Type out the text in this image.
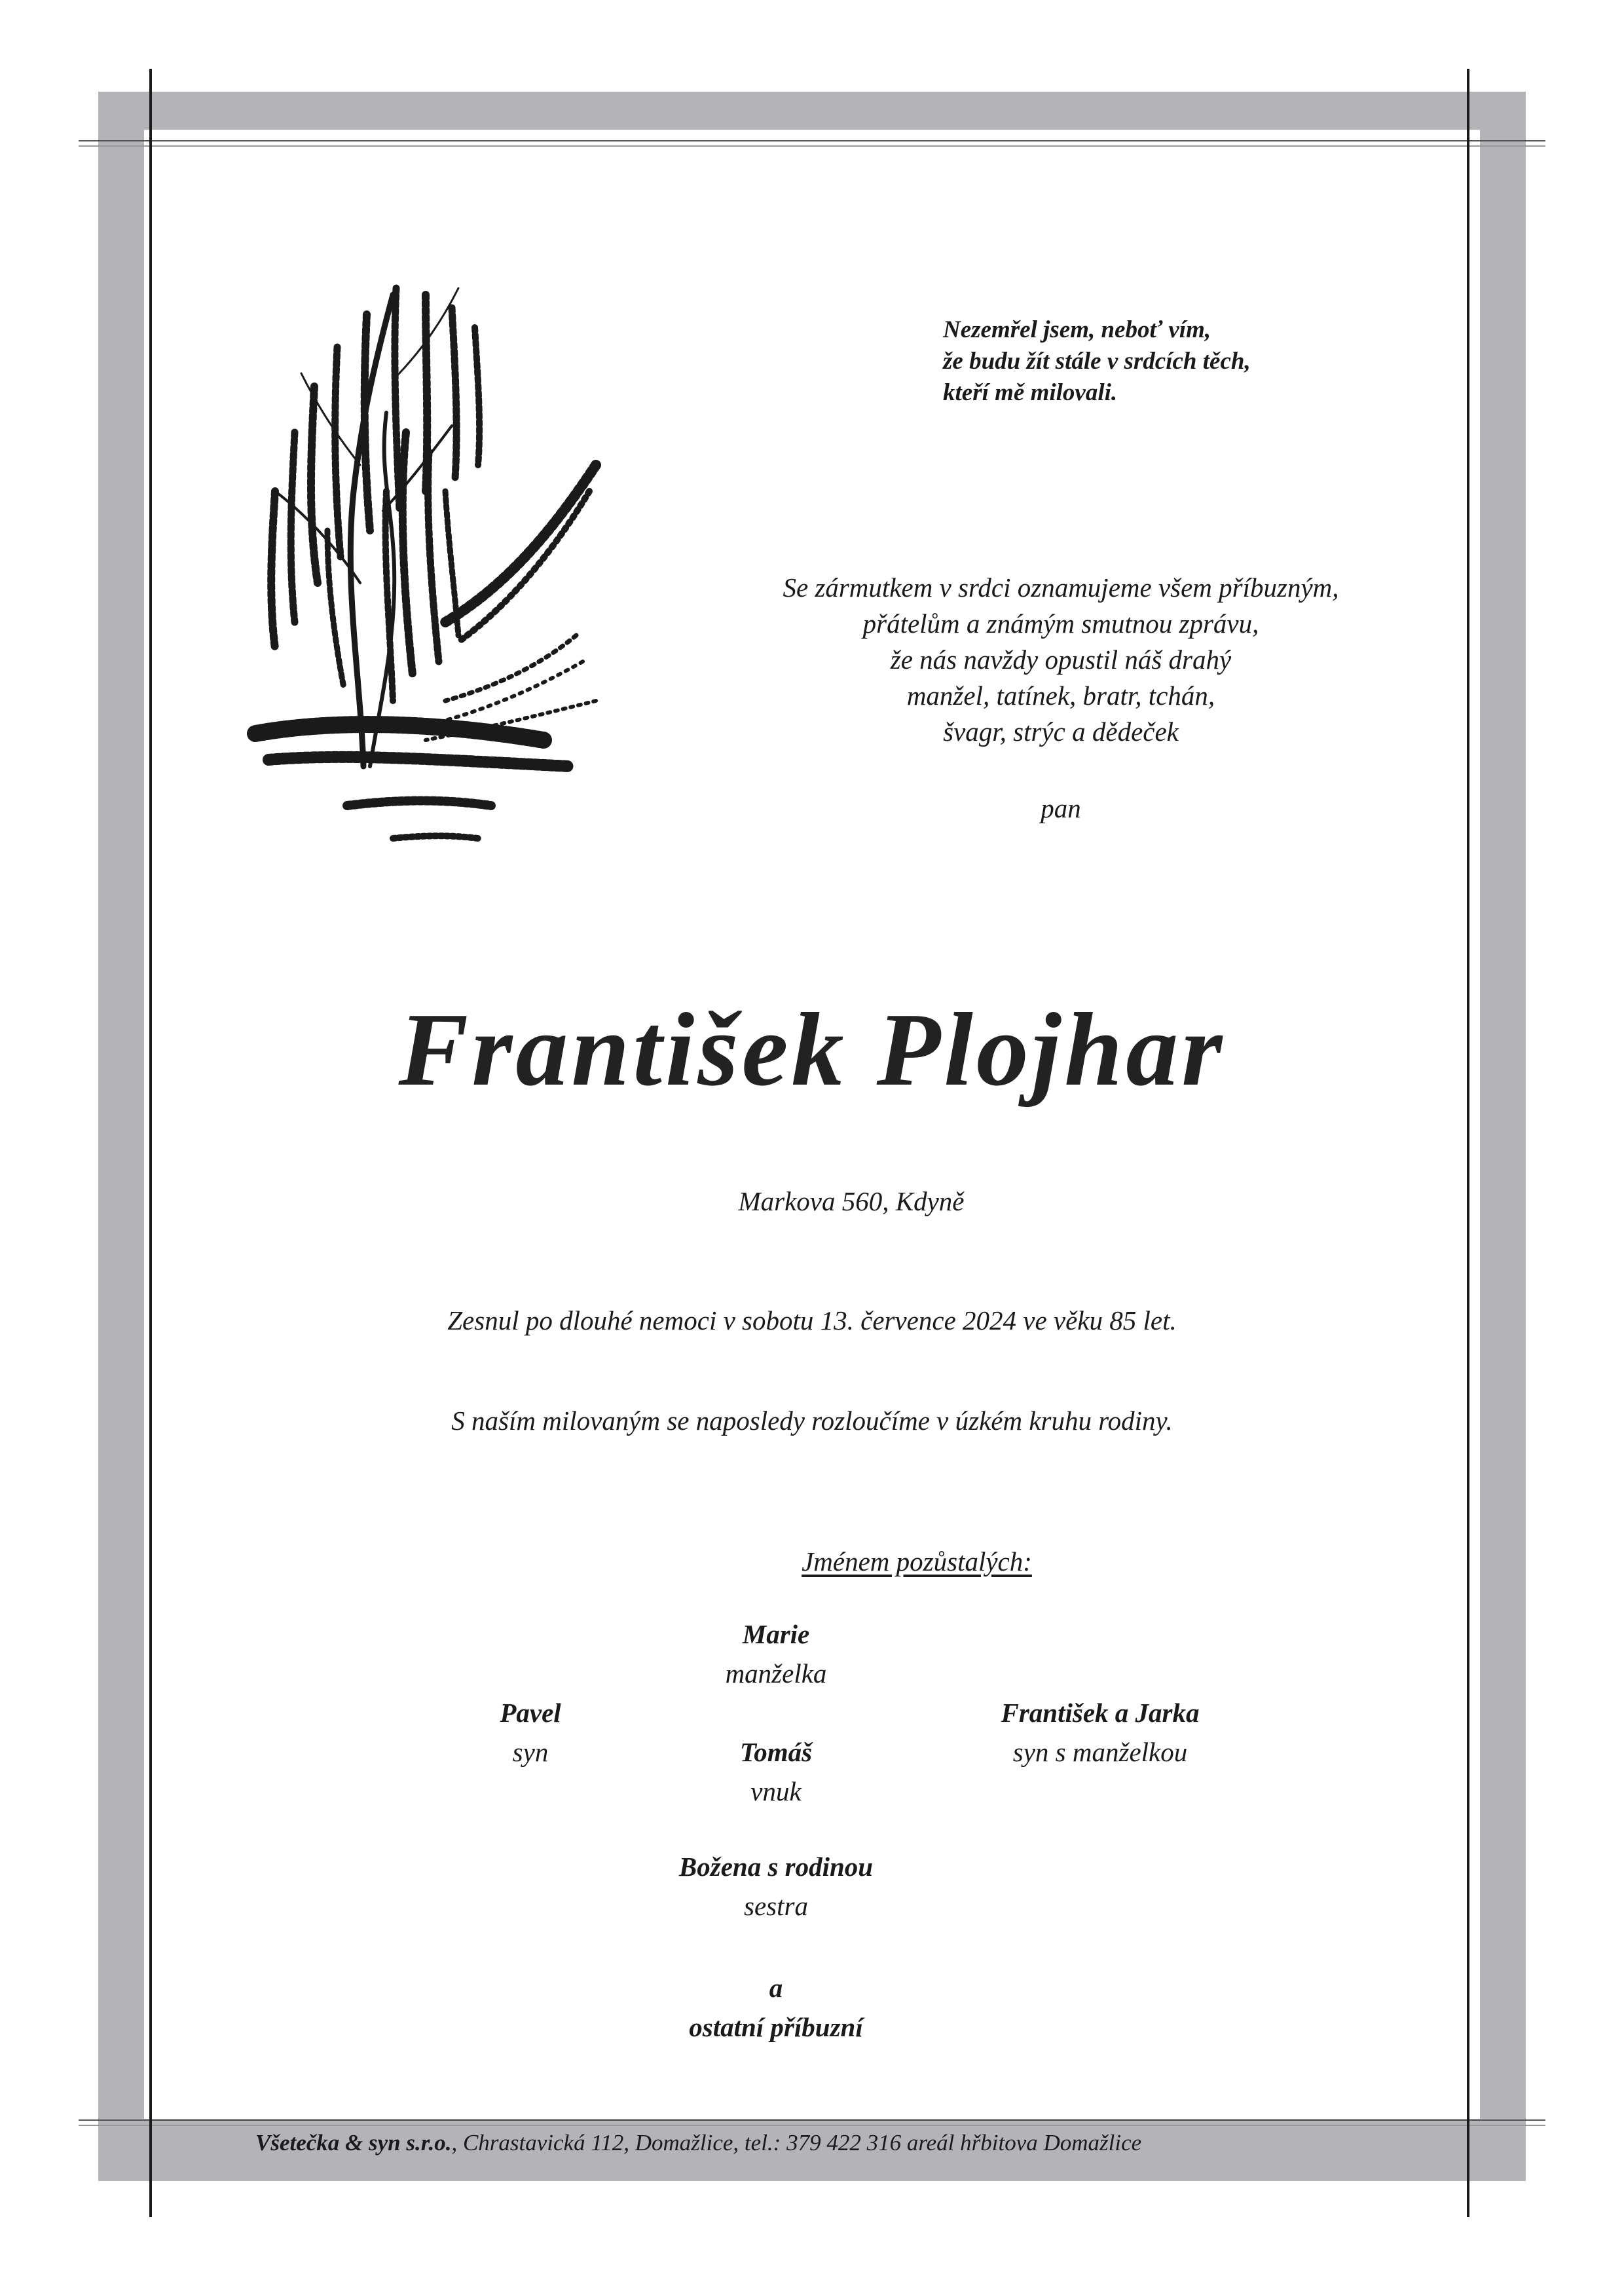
Nezemřel jsem, neboť vím,
že budu žít stále v srdcích těch,
kteří mě milovali.
Se zármutkem v srdci oznamujeme všem příbuzným,
přátelům a známým smutnou zprávu,
že nás navždy opustil náš drahý
manžel, tatínek, bratr, tchán,
švagr, strýc a dědeček
pan
František Plojhar
Markova 560, Kdyně
Zesnul po dlouhé nemoci v sobotu 13. července 2024 ve věku 85 let.
S naším milovaným se naposledy rozloučíme v úzkém kruhu rodiny.
Jménem pozůstalých:
Marie
manželka
Pavel
syn
František a Jarka
syn s manželkou
Tomáš
vnuk
Božena s rodinou
sestra
a
ostatní příbuzní
Všetečka & syn s.r.o., Chrastavická 112, Domažlice, tel.: 379 422 316 areál hřbitova Domažlice
